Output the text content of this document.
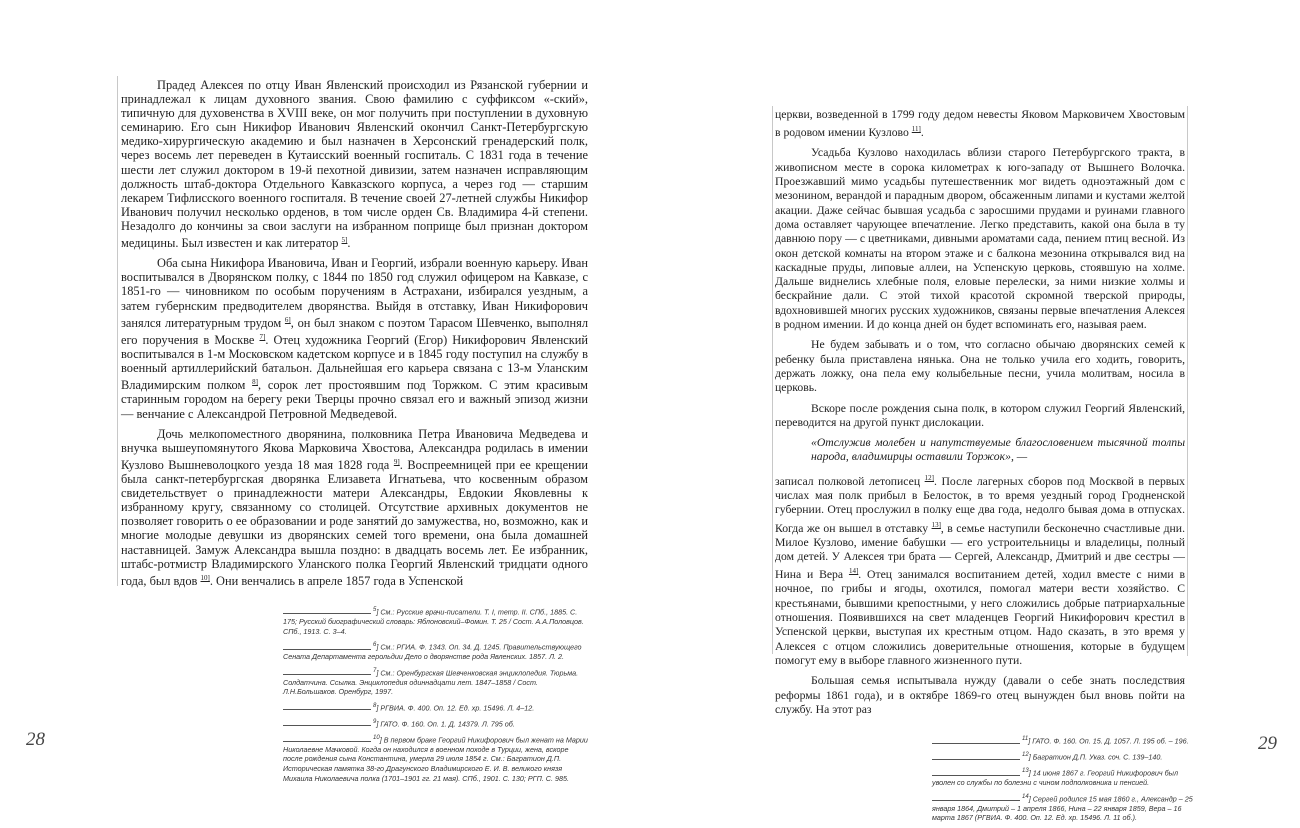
Прадед Алексея по отцу Иван Явленский происходил из Рязанской губернии и принадлежал к лицам духовного звания. Свою фамилию с суффиксом «-ский», типичную для духовенства в XVIII веке, он мог получить при поступлении в духовную семинарию. Его сын Никифор Иванович Явленский окончил Санкт-Петербургскую медико-хирургическую академию и был назначен в Херсонский гренадерский полк, через восемь лет переведен в Кутаисский военный госпиталь. С 1831 года в течение шести лет служил доктором в 19-й пехотной дивизии, затем назначен исправляющим должность штаб-доктора Отдельного Кавказского корпуса, а через год — старшим лекарем Тифлисского военного госпиталя. В течение своей 27-летней службы Никифор Иванович получил несколько орденов, в том числе орден Св. Владимира 4-й степени. Незадолго до кончины за свои заслуги на избранном поприще был признан доктором медицины. Был известен и как литератор $^{5]}$.

Оба сына Никифора Ивановича, Иван и Георгий, избрали военную карьеру. Иван воспитывался в Дворянском полку, с 1844 по 1850 год служил офицером на Кавказе, с 1851-го — чиновником по особым поручениям в Астрахани, избирался уездным, а затем губернским предводителем дворянства. Выйдя в отставку, Иван Никифорович занялся литературным трудом $^{6]}$, он был знаком с поэтом Тарасом Шевченко, выполнял его поручения в Москве $^{7]}$. Отец художника Георгий (Егор) Никифорович Явленский воспитывался в 1-м Московском кадетском корпусе и в 1845 году поступил на службу в военный артиллерийский батальон. Дальнейшая его карьера связана с 13-м Уланским Владимирским полком $^{8]}$, сорок лет простоявшим под Торжком. С этим красивым старинным городом на берегу реки Тверцы прочно связал его и важный эпизод жизни — венчание с Александрой Петровной Медведевой.

Дочь мелкопоместного дворянина, полковника Петра Ивановича Медведева и внучка вышеупомянутого Якова Марковича Хвостова, Александра родилась в имении Кузлово Вышневолоцкого уезда 18 мая 1828 года $^{9]}$. Воспреемницей при ее крещении была санкт-петербургская дворянка Елизавета Игнатьева, что косвенным образом свидетельствует о принадлежности матери Александры, Евдокии Яковлевны к избранному кругу, связанному со столицей. Отсутствие архивных документов не позволяет говорить о ее образовании и роде занятий до замужества, но, возможно, как и многие молодые девушки из дворянских семей того времени, она была домашней наставницей. Замуж Александра вышла поздно: в двадцать восемь лет. Ее избранник, штабс-ротмистр Владимирского Уланского полка Георгий Явленский тридцати одного года, был вдов $^{10]}$. Они венчались в апреле 1857 года в Успенской

$^5$] См.: Русские врачи-писатели. Т. I, тетр. II. СПб., 1885. С. 175; Русский биографический словарь: Яблоновский–Фомин. Т. 25 / Сост. А.А.Половцов. СПб., 1913. С. 3–4.
$^6$] См.: РГИА. Ф. 1343. Оп. 34. Д. 1245. Правительствующего Сената Департамента герольдии Дело о дворянстве рода Явленских. 1857. Л. 2.
$^7$] См.: Оренбургская Шевченковская энциклопедия. Тюрьма. Солдатчина. Ссылка. Энциклопедия одиннадцати лет. 1847–1858 / Сост. Л.Н.Большаков. Оренбург, 1997.
$^8$] РГВИА. Ф. 400. Оп. 12. Ед. хр. 15496. Л. 4–12.
$^9$] ГАТО. Ф. 160. Оп. 1. Д. 14379. Л. 795 об.
$^{10}$] В первом браке Георгий Никифорович был женат на Марии Николаевне Мачковой. Когда он находился в военном походе в Турции, жена, вскоре после рождения сына Константина, умерла 29 июля 1854 г. См.: Багратион Д.П. Историческая памятка 38-го Драгунского Владимирского Е. И. В. великого князя Михаила Николаевича полка (1701–1901 гг. 21 мая). СПб., 1901. С. 130; РГП. С. 985.
28

церкви, возведенной в 1799 году дедом невесты Яковом Марковичем Хвостовым в родовом имении Кузлово $^{11]}$.

Усадьба Кузлово находилась вблизи старого Петербургского тракта, в живописном месте в сорока километрах к юго-западу от Вышнего Волочка. Проезжавший мимо усадьбы путешественник мог видеть одноэтажный дом с мезонином, верандой и парадным двором, обсаженным липами и кустами желтой акации. Даже сейчас бывшая усадьба с заросшими прудами и руинами главного дома оставляет чарующее впечатление. Легко представить, какой она была в ту давнюю пору — с цветниками, дивными ароматами сада, пением птиц весной. Из окон детской комнаты на втором этаже и с балкона мезонина открывался вид на каскадные пруды, липовые аллеи, на Успенскую церковь, стоявшую на холме. Дальше виднелись хлебные поля, еловые перелески, за ними низкие холмы и бескрайние дали. С этой тихой красотой скромной тверской природы, вдохновившей многих русских художников, связаны первые впечатления Алексея в родном имении. И до конца дней он будет вспоминать его, называя раем.

Не будем забывать и о том, что согласно обычаю дворянских семей к ребенку была приставлена нянька. Она не только учила его ходить, говорить, держать ложку, она пела ему колыбельные песни, учила молитвам, носила в церковь.

Вскоре после рождения сына полк, в котором служил Георгий Явленский, переводится на другой пункт дислокации.

«Отслужив молебен и напутствуемые благословением тысячной толпы народа, владимирцы оставили Торжок», —

записал полковой летописец $^{12]}$. После лагерных сборов под Москвой в первых числах мая полк прибыл в Белосток, в то время уездный город Гродненской губернии. Отец прослужил в полку еще два года, недолго бывая дома в отпусках. Когда же он вышел в отставку $^{13]}$, в семье наступили бесконечно счастливые дни. Милое Кузлово, имение бабушки — его устроительницы и владелицы, полный дом детей. У Алексея три брата — Сергей, Александр, Дмитрий и две сестры — Нина и Вера $^{14]}$. Отец занимался воспитанием детей, ходил вместе с ними в ночное, по грибы и ягоды, охотился, помогал матери вести хозяйство. С крестьянами, бывшими крепостными, у него сложились добрые патриархальные отношения. Появившихся на свет младенцев Георгий Никифорович крестил в Успенской церкви, выступая их крестным отцом. Надо сказать, в это время у Алексея с отцом сложились доверительные отношения, которые в будущем помогут ему в выборе главного жизненного пути.

Большая семья испытывала нужду (давали о себе знать последствия реформы 1861 года), и в октябре 1869-го отец вынужден был вновь пойти на службу. На этот раз

$^{11}$] ГАТО. Ф. 160. Оп. 15. Д. 1057. Л. 195 об. – 196.
$^{12}$] Багратион Д.П. Указ. соч. С. 139–140.
$^{13}$] 14 июня 1867 г. Георгий Никифорович был уволен со службы по болезни с чином подполковника и пенсией.
$^{14}$] Сергей родился 15 мая 1860 г., Александр – 25 января 1864, Дмитрий – 1 апреля 1866, Нина – 22 января 1859, Вера – 16 марта 1867 (РГВИА. Ф. 400. Оп. 12. Ед. хр. 15496. Л. 11 об.).
29
